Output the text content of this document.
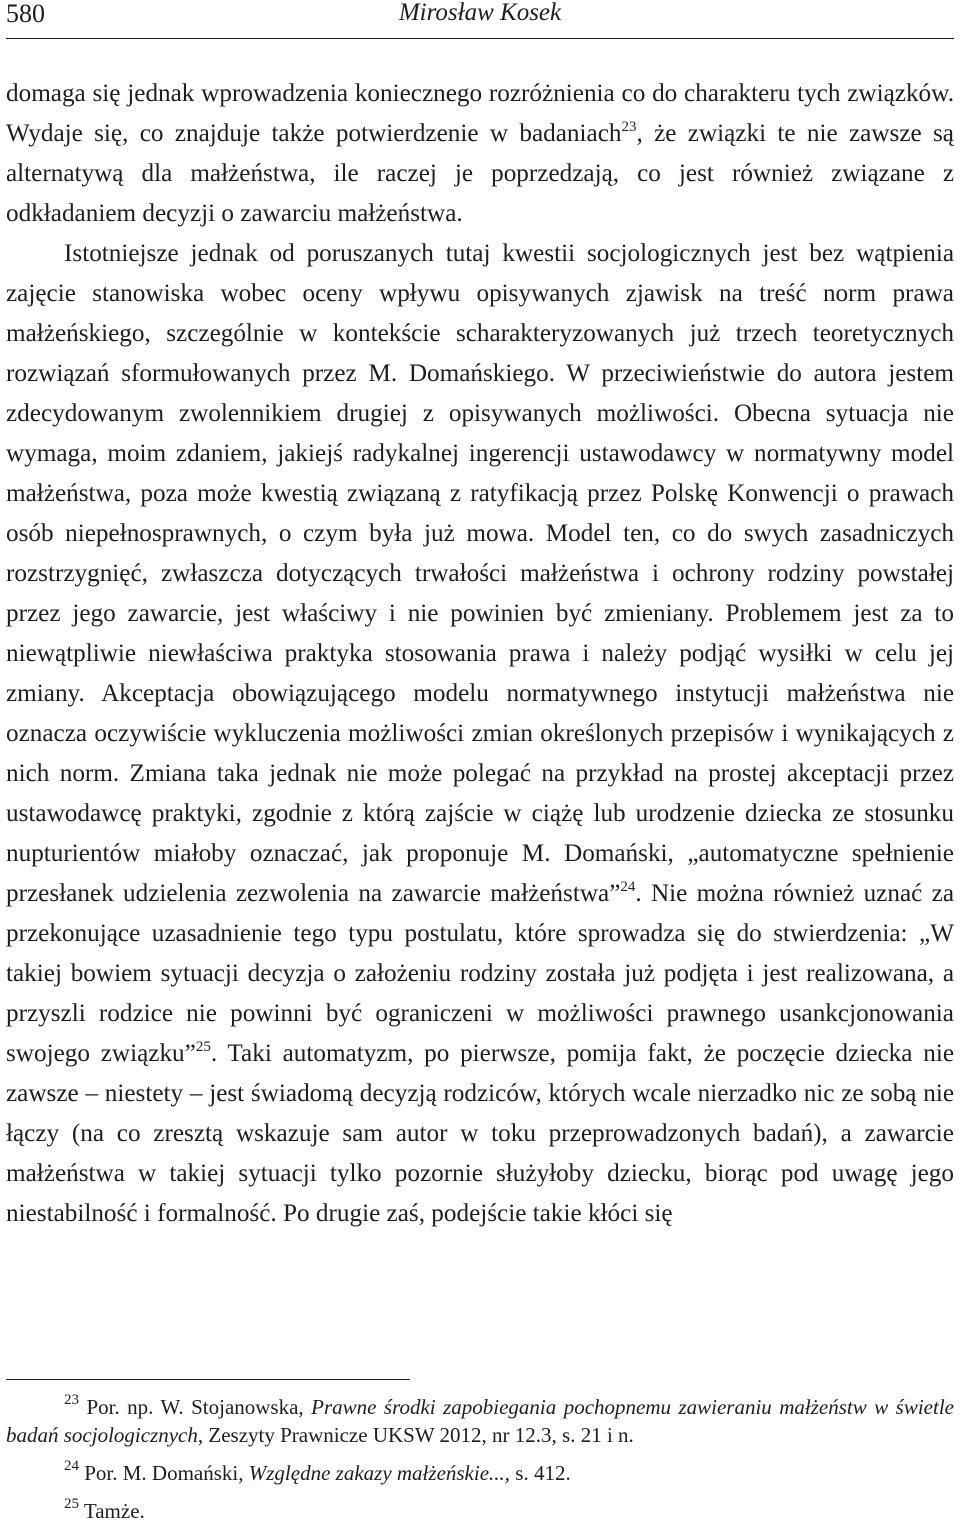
580	Mirosław Kosek

domaga się jednak wprowadzenia koniecznego rozróżnienia co do charakteru tych związków. Wydaje się, co znajduje także potwierdzenie w badaniach$^{23}$, że związki te nie zawsze są alternatywą dla małżeństwa, ile raczej je poprzedzają, co jest również związane z odkładaniem decyzji o zawarciu małżeństwa.

Istotniejsze jednak od poruszanych tutaj kwestii socjologicznych jest bez wątpienia zajęcie stanowiska wobec oceny wpływu opisywanych zjawisk na treść norm prawa małżeńskiego, szczególnie w kontekście scharakteryzowanych już trzech teoretycznych rozwiązań sformułowanych przez M. Domańskiego. W przeciwieństwie do autora jestem zdecydowanym zwolennikiem drugiej z opisywanych możliwości. Obecna sytuacja nie wymaga, moim zdaniem, jakiejś radykalnej ingerencji ustawodawcy w normatywny model małżeństwa, poza może kwestią związaną z ratyfikacją przez Polskę Konwencji o prawach osób niepełnosprawnych, o czym była już mowa. Model ten, co do swych zasadniczych rozstrzygnięć, zwłaszcza dotyczących trwałości małżeństwa i ochrony rodziny powstałej przez jego zawarcie, jest właściwy i nie powinien być zmieniany. Problemem jest za to niewątpliwie niewłaściwa praktyka stosowania prawa i należy podjąć wysiłki w celu jej zmiany. Akceptacja obowiązującego modelu normatywnego instytucji małżeństwa nie oznacza oczywiście wykluczenia możliwości zmian określonych przepisów i wynikających z nich norm. Zmiana taka jednak nie może polegać na przykład na prostej akceptacji przez ustawodawcę praktyki, zgodnie z którą zajście w ciążę lub urodzenie dziecka ze stosunku nupturientów miałoby oznaczać, jak proponuje M. Domański, „automatyczne spełnienie przesłanek udzielenia zezwolenia na zawarcie małżeństwa”$^{24}$. Nie można również uznać za przekonujące uzasadnienie tego typu postulatu, które sprowadza się do stwierdzenia: „W takiej bowiem sytuacji decyzja o założeniu rodziny została już podjęta i jest realizowana, a przyszli rodzice nie powinni być ograniczeni w możliwości prawnego usankcjonowania swojego związku”$^{25}$. Taki automatyzm, po pierwsze, pomija fakt, że poczęcie dziecka nie zawsze – niestety – jest świadomą decyzją rodziców, których wcale nierzadko nic ze sobą nie łączy (na co zresztą wskazuje sam autor w toku przeprowadzonych badań), a zawarcie małżeństwa w takiej sytuacji tylko pozornie służyłoby dziecku, biorąc pod uwagę jego niestabilność i formalność. Po drugie zaś, podejście takie kłóci się

$^{23}$ Por. np. W. Stojanowska, Prawne środki zapobiegania pochopnemu zawieraniu małżeństw w świetle badań socjologicznych, Zeszyty Prawnicze UKSW 2012, nr 12.3, s. 21 i n.

$^{24}$ Por. M. Domański, Względne zakazy małżeńskie..., s. 412.

$^{25}$ Tamże.
